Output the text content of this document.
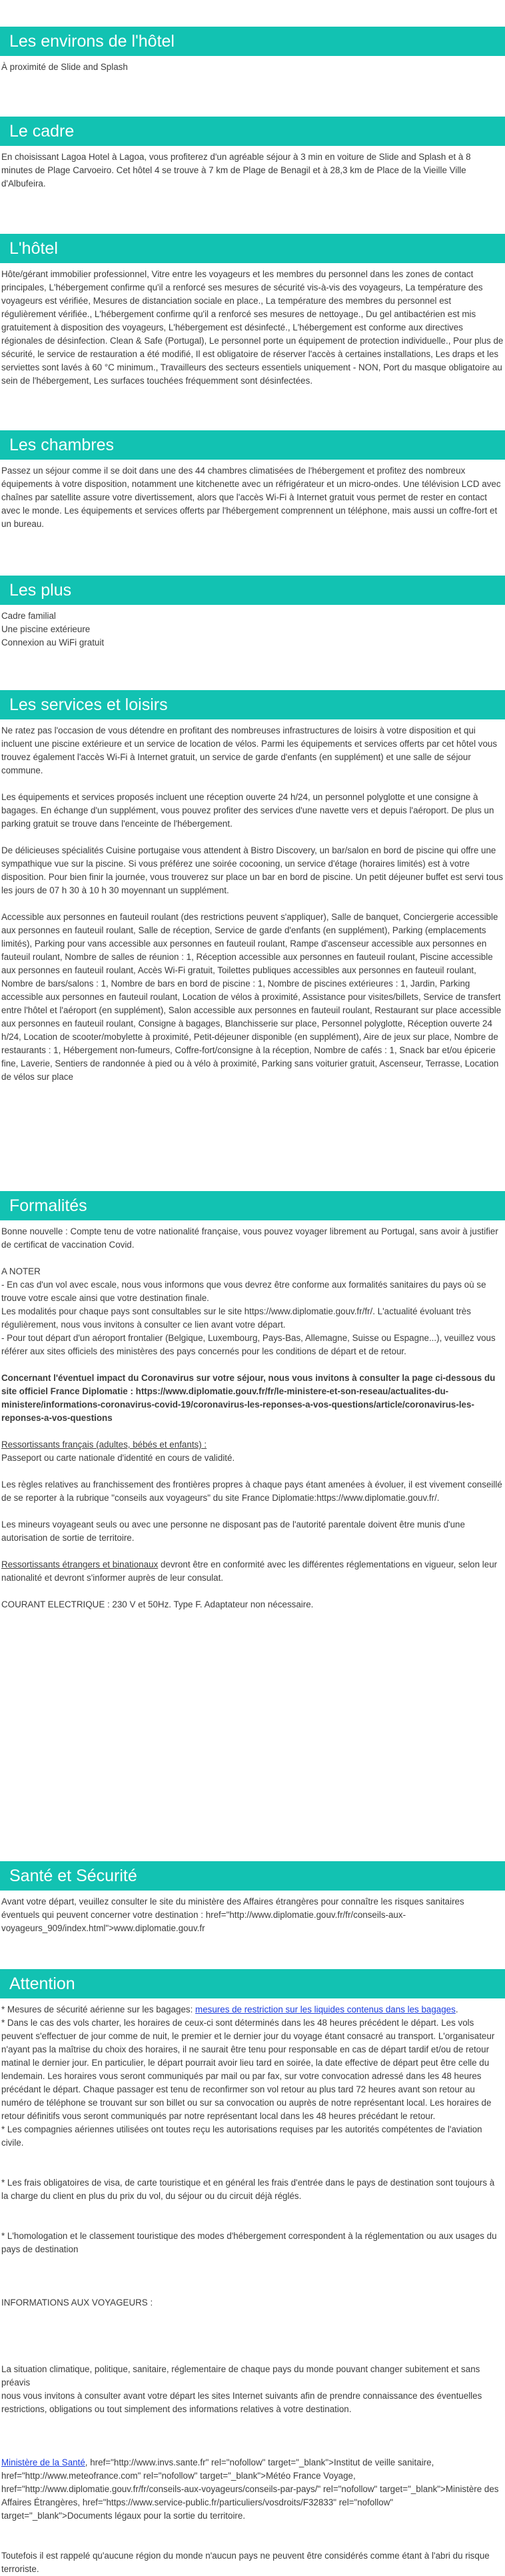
Les environs de l'hôtel

À proximité de Slide and Splash

Le cadre

En choisissant Lagoa Hotel à Lagoa, vous profiterez d'un agréable séjour à 3 min en voiture de Slide and Splash et à 8 minutes de Plage Carvoeiro. Cet hôtel 4 se trouve à 7 km de Plage de Benagil et à 28,3 km de Place de la Vieille Ville d'Albufeira.

L'hôtel

Hôte/gérant immobilier professionnel, Vitre entre les voyageurs et les membres du personnel dans les zones de contact principales, L'hébergement confirme qu'il a renforcé ses mesures de sécurité vis-à-vis des voyageurs, La température des voyageurs est vérifiée, Mesures de distanciation sociale en place., La température des membres du personnel est régulièrement vérifiée., L'hébergement confirme qu'il a renforcé ses mesures de nettoyage., Du gel antibactérien est mis gratuitement à disposition des voyageurs, L'hébergement est désinfecté., L'hébergement est conforme aux directives régionales de désinfection. Clean & Safe (Portugal), Le personnel porte un équipement de protection individuelle., Pour plus de sécurité, le service de restauration a été modifié, Il est obligatoire de réserver l'accès à certaines installations, Les draps et les serviettes sont lavés à 60 °C minimum., Travailleurs des secteurs essentiels uniquement - NON, Port du masque obligatoire au sein de l'hébergement, Les surfaces touchées fréquemment sont désinfectées.

Les chambres

Passez un séjour comme il se doit dans une des 44 chambres climatisées de l'hébergement et profitez des nombreux équipements à votre disposition, notamment une kitchenette avec un réfrigérateur et un micro-ondes. Une télévision LCD avec chaînes par satellite assure votre divertissement, alors que l'accès Wi-Fi à Internet gratuit vous permet de rester en contact avec le monde. Les équipements et services offerts par l'hébergement comprennent un téléphone, mais aussi un coffre-fort et un bureau.

Les plus

Cadre familial

Une piscine extérieure

Connexion au WiFi gratuit

Les services et loisirs

Ne ratez pas l'occasion de vous détendre en profitant des nombreuses infrastructures de loisirs à votre disposition et qui incluent une piscine extérieure et un service de location de vélos. Parmi les équipements et services offerts par cet hôtel vous trouvez également l'accès Wi-Fi à Internet gratuit, un service de garde d'enfants (en supplément) et une salle de séjour commune.

Les équipements et services proposés incluent une réception ouverte 24 h/24, un personnel polyglotte et une consigne à bagages. En échange d'un supplément, vous pouvez profiter des services d'une navette vers et depuis l'aéroport. De plus un parking gratuit se trouve dans l'enceinte de l'hébergement.

De délicieuses spécialités Cuisine portugaise vous attendent à Bistro Discovery, un bar/salon en bord de piscine qui offre une sympathique vue sur la piscine. Si vous préférez une soirée cocooning, un service d'étage (horaires limités) est à votre disposition. Pour bien finir la journée, vous trouverez sur place un bar en bord de piscine. Un petit déjeuner buffet est servi tous les jours de 07 h 30 à 10 h 30 moyennant un supplément.

Accessible aux personnes en fauteuil roulant (des restrictions peuvent s'appliquer), Salle de banquet, Conciergerie accessible aux personnes en fauteuil roulant, Salle de réception, Service de garde d'enfants (en supplément), Parking (emplacements limités), Parking pour vans accessible aux personnes en fauteuil roulant, Rampe d'ascenseur accessible aux personnes en fauteuil roulant, Nombre de salles de réunion : 1, Réception accessible aux personnes en fauteuil roulant, Piscine accessible aux personnes en fauteuil roulant, Accès Wi-Fi gratuit, Toilettes publiques accessibles aux personnes en fauteuil roulant, Nombre de bars/salons : 1, Nombre de bars en bord de piscine : 1, Nombre de piscines extérieures : 1, Jardin, Parking accessible aux personnes en fauteuil roulant, Location de vélos à proximité, Assistance pour visites/billets, Service de transfert entre l'hôtel et l'aéroport (en supplément), Salon accessible aux personnes en fauteuil roulant, Restaurant sur place accessible aux personnes en fauteuil roulant, Consigne à bagages, Blanchisserie sur place, Personnel polyglotte, Réception ouverte 24 h/24, Location de scooter/mobylette à proximité, Petit-déjeuner disponible (en supplément), Aire de jeux sur place, Nombre de restaurants : 1, Hébergement non-fumeurs, Coffre-fort/consigne à la réception, Nombre de cafés : 1, Snack bar et/ou épicerie fine, Laverie, Sentiers de randonnée à pied ou à vélo à proximité, Parking sans voiturier gratuit, Ascenseur, Terrasse, Location de vélos sur place

Formalités

Bonne nouvelle : Compte tenu de votre nationalité française, vous pouvez voyager librement au Portugal, sans avoir à justifier de certificat de vaccination Covid.

A NOTER

- En cas d'un vol avec escale, nous vous informons que vous devrez être conforme aux formalités sanitaires du pays où se trouve votre escale ainsi que votre destination finale.

Les modalités pour chaque pays sont consultables sur le site https://www.diplomatie.gouv.fr/fr/. L'actualité évoluant très régulièrement, nous vous invitons à consulter ce lien avant votre départ.

- Pour tout départ d'un aéroport frontalier (Belgique, Luxembourg, Pays-Bas, Allemagne, Suisse ou Espagne...), veuillez vous référer aux sites officiels des ministères des pays concernés pour les conditions de départ et de retour.

Concernant l'éventuel impact du Coronavirus sur votre séjour, nous vous invitons à consulter la page ci-dessous du site officiel France Diplomatie : https://www.diplomatie.gouv.fr/fr/le-ministere-et-son-reseau/actualites-du-ministere/informations-coronavirus-covid-19/coronavirus-les-reponses-a-vos-questions/article/coronavirus-les-reponses-a-vos-questions

Ressortissants français (adultes, bébés et enfants) :

Passeport ou carte nationale d'identité en cours de validité.

Les règles relatives au franchissement des frontières propres à chaque pays étant amenées à évoluer, il est vivement conseillé de se reporter à la rubrique "conseils aux voyageurs" du site France Diplomatie:https://www.diplomatie.gouv.fr/.

Les mineurs voyageant seuls ou avec une personne ne disposant pas de l'autorité parentale doivent être munis d'une autorisation de sortie de territoire.

Ressortissants étrangers et binationaux devront être en conformité avec les différentes réglementations en vigueur, selon leur nationalité et devront s'informer auprès de leur consulat.

COURANT ELECTRIQUE : 230 V et 50Hz. Type F. Adaptateur non nécessaire.

Santé et Sécurité

Avant votre départ, veuillez consulter le site du ministère des Affaires étrangères pour connaître les risques sanitaires éventuels qui peuvent concerner votre destination : href="http://www.diplomatie.gouv.fr/fr/conseils-aux-voyageurs_909/index.html">www.diplomatie.gouv.fr

Attention

* Mesures de sécurité aérienne sur les bagages: mesures de restriction sur les liquides contenus dans les bagages.

* Dans le cas des vols charter, les horaires de ceux-ci sont déterminés dans les 48 heures précédent le départ. Les vols peuvent s'effectuer de jour comme de nuit, le premier et le dernier jour du voyage étant consacré au transport. L'organisateur n'ayant pas la maîtrise du choix des horaires, il ne saurait être tenu pour responsable en cas de départ tardif et/ou de retour matinal le dernier jour. En particulier, le départ pourrait avoir lieu tard en soirée, la date effective de départ peut être celle du lendemain. Les horaires vous seront communiqués par mail ou par fax, sur votre convocation adressé dans les 48 heures précédant le départ. Chaque passager est tenu de reconfirmer son vol retour au plus tard 72 heures avant son retour au numéro de téléphone se trouvant sur son billet ou sur sa convocation ou auprès de notre représentant local. Les horaires de retour définitifs vous seront communiqués par notre représentant local dans les 48 heures précédant le retour.

* Les compagnies aériennes utilisées ont toutes reçu les autorisations requises par les autorités compétentes de l'aviation civile.

* Les frais obligatoires de visa, de carte touristique et en général les frais d'entrée dans le pays de destination sont toujours à la charge du client en plus du prix du vol, du séjour ou du circuit déjà réglés.

* L'homologation et le classement touristique des modes d'hébergement correspondent à la réglementation ou aux usages du pays de destination

INFORMATIONS AUX VOYAGEURS :

La situation climatique, politique, sanitaire, réglementaire de chaque pays du monde pouvant changer subitement et sans préavis

nous vous invitons à consulter avant votre départ les sites Internet suivants afin de prendre connaissance des éventuelles restrictions, obligations ou tout simplement des informations relatives à votre destination.

Ministère de la Santé, href="http://www.invs.sante.fr" rel="nofollow" target="_blank">Institut de veille sanitaire, href="http://www.meteofrance.com" rel="nofollow" target="_blank">Météo France Voyage, href="http://www.diplomatie.gouv.fr/fr/conseils-aux-voyageurs/conseils-par-pays/" rel="nofollow" target="_blank">Ministère des Affaires Étrangères, href="https://www.service-public.fr/particuliers/vosdroits/F32833" rel="nofollow" target="_blank">Documents légaux pour la sortie du territoire.

Toutefois il est rappelé qu'aucune région du monde n'aucun pays ne peuvent être considérés comme étant à l'abri du risque terroriste.
